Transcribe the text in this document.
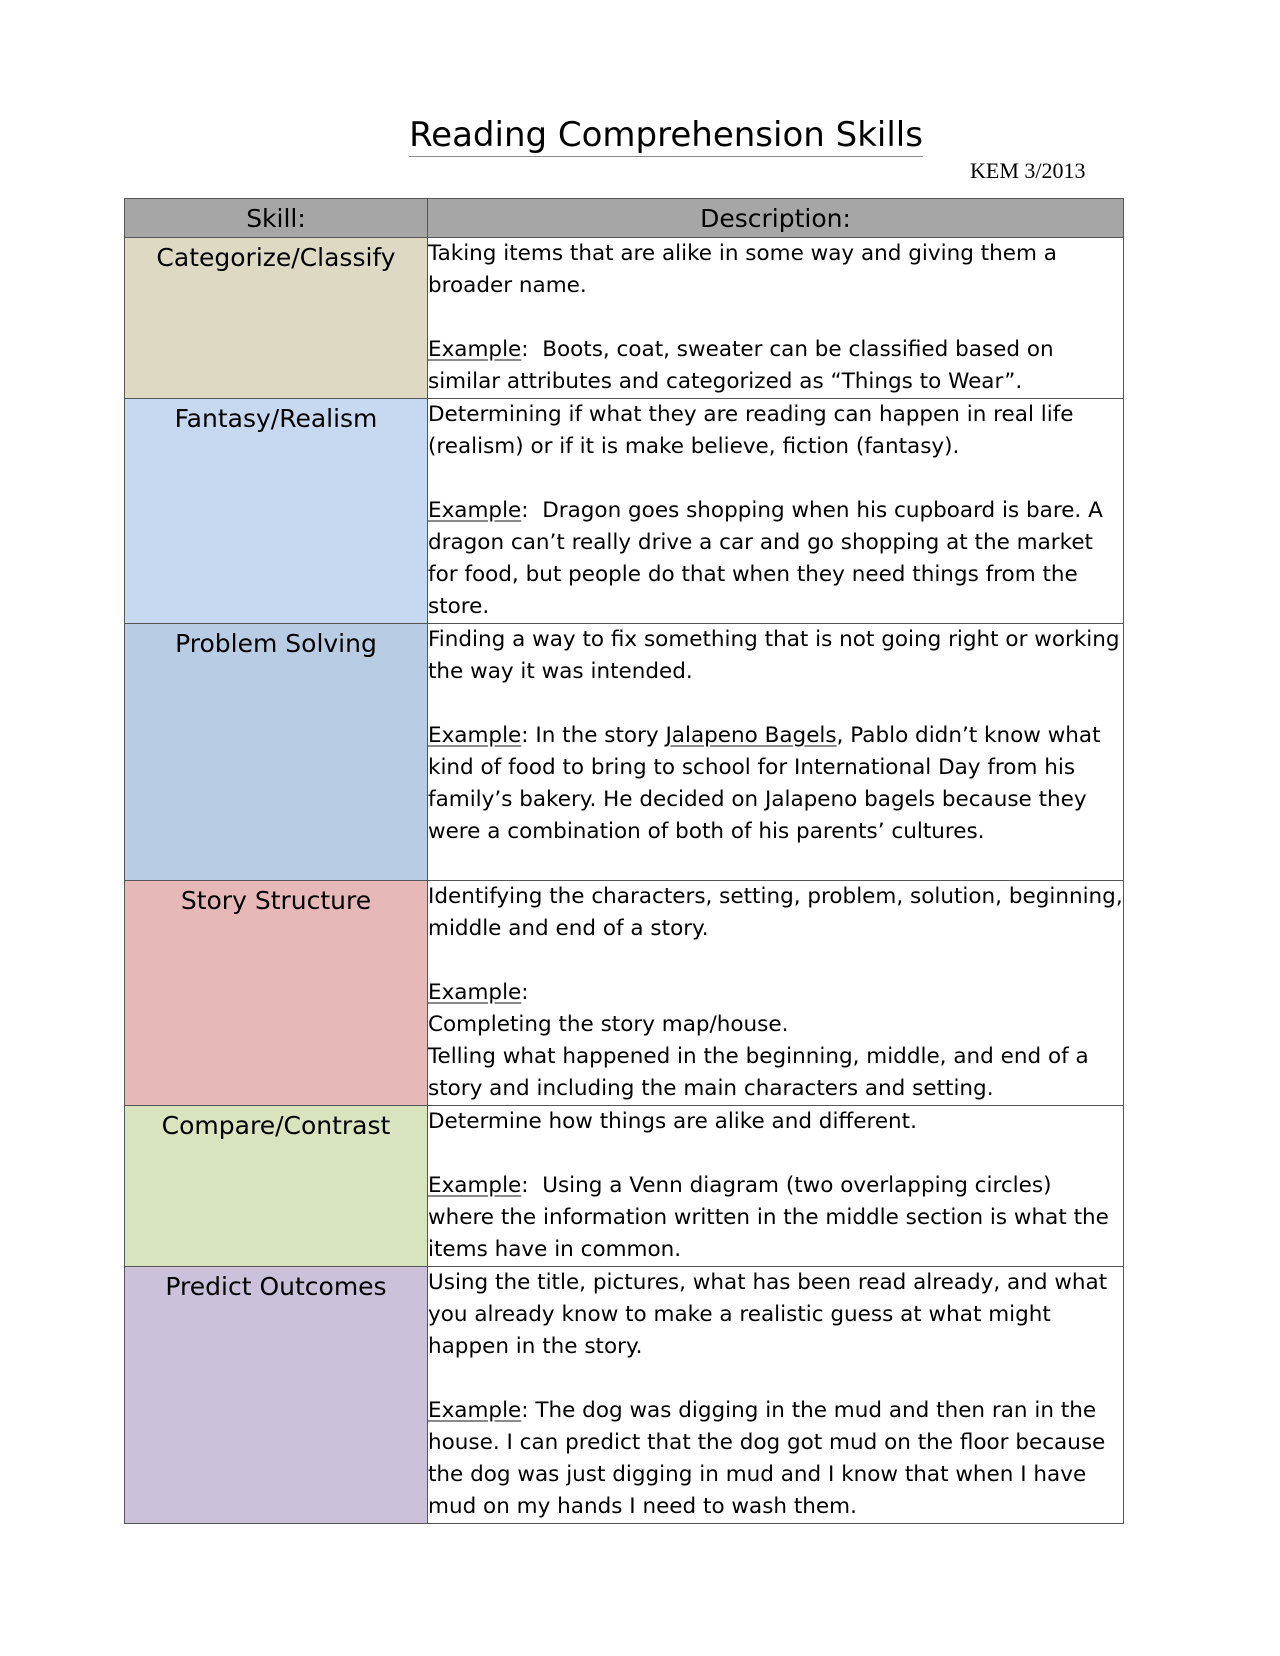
Reading Comprehension Skills
KEM 3/2013
Skill:	Description:
Categorize/Classify	Taking items that are alike in some way and giving them a broader name.

Example:  Boots, coat, sweater can be classified based on similar attributes and categorized as “Things to Wear”.

Fantasy/Realism	Determining if what they are reading can happen in real life (realism) or if it is make believe, fiction (fantasy).

Example:  Dragon goes shopping when his cupboard is bare. A dragon can’t really drive a car and go shopping at the market for food, but people do that when they need things from the store.

Problem Solving	Finding a way to fix something that is not going right or working the way it was intended.

Example: In the story Jalapeno Bagels, Pablo didn’t know what kind of food to bring to school for International Day from his family’s bakery. He decided on Jalapeno bagels because they were a combination of both of his parents’ cultures.

Story Structure	Identifying the characters, setting, problem, solution, beginning, middle and end of a story.

Example:

Completing the story map/house.

Telling what happened in the beginning, middle, and end of a story and including the main characters and setting.

Compare/Contrast	Determine how things are alike and different.

Example:  Using a Venn diagram (two overlapping circles) where the information written in the middle section is what the items have in common.

Predict Outcomes	Using the title, pictures, what has been read already, and what you already know to make a realistic guess at what might happen in the story.

Example: The dog was digging in the mud and then ran in the house. I can predict that the dog got mud on the floor because the dog was just digging in mud and I know that when I have mud on my hands I need to wash them.
